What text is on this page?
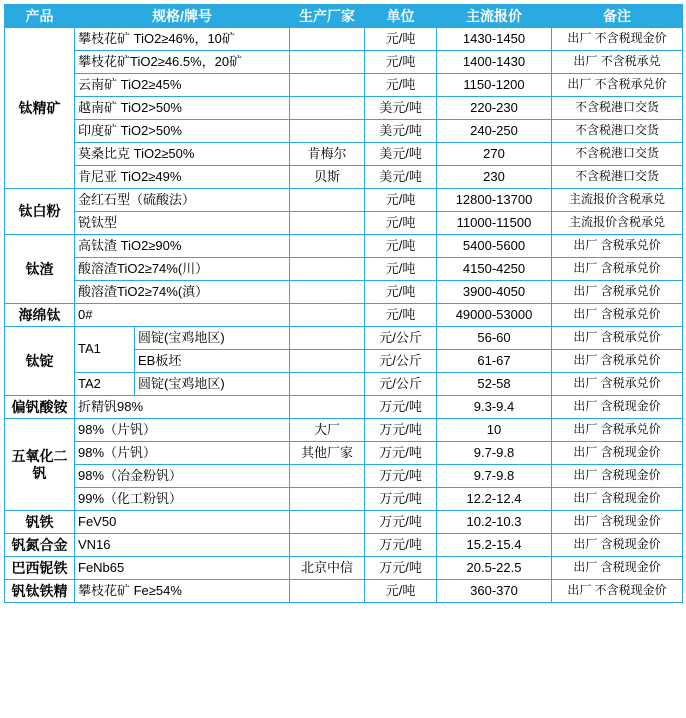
产品	规格/牌号		生产厂家	单位	主流报价	备注
钛精矿	攀枝花矿 TiO2≥46%，10矿			元/吨	1430-1450	出厂 不含税现金价
	攀枝花矿TiO2≥46.5%，20矿			元/吨	1400-1430	出厂 不含税承兑
	云南矿 TiO2≥45%			元/吨	1150-1200	出厂 不含税承兑价
	越南矿 TiO2>50%			美元/吨	220-230	不含税港口交货
	印度矿 TiO2>50%			美元/吨	240-250	不含税港口交货
	莫桑比克 TiO2≥50%		肯梅尔	美元/吨	270	不含税港口交货
	肯尼亚 TiO2≥49%		贝斯	美元/吨	230	不含税港口交货
钛白粉	金红石型（硫酸法）			元/吨	12800-13700	主流报价含税承兑
	锐钛型			元/吨	11000-11500	主流报价含税承兑
钛渣	高钛渣 TiO2≥90%			元/吨	5400-5600	出厂 含税承兑价
	酸溶渣TiO2≥74%(川）			元/吨	4150-4250	出厂 含税承兑价
	酸溶渣TiO2≥74%(滇）			元/吨	3900-4050	出厂 含税承兑价
海绵钛	0#			元/吨	49000-53000	出厂 含税承兑价
钛锭	TA1	圆锭(宝鸡地区)		元/公斤	56-60	出厂 含税承兑价
		EB板坯		元/公斤	61-67	出厂 含税承兑价
	TA2	圆锭(宝鸡地区)		元/公斤	52-58	出厂 含税承兑价
偏钒酸铵	折精钒98%			万元/吨	9.3-9.4	出厂 含税现金价
五氧化二钒	98%（片钒）		大厂	万元/吨	10	出厂 含税承兑价
	98%（片钒）		其他厂家	万元/吨	9.7-9.8	出厂 含税现金价
	98%（冶金粉钒）			万元/吨	9.7-9.8	出厂 含税现金价
	99%（化工粉钒）			万元/吨	12.2-12.4	出厂 含税现金价
钒铁	FeV50			万元/吨	10.2-10.3	出厂 含税现金价
钒氮合金	VN16			万元/吨	15.2-15.4	出厂 含税现金价
巴西铌铁	FeNb65		北京中信	万元/吨	20.5-22.5	出厂 含税现金价
钒钛铁精	攀枝花矿 Fe≥54%			元/吨	360-370	出厂 不含税现金价
